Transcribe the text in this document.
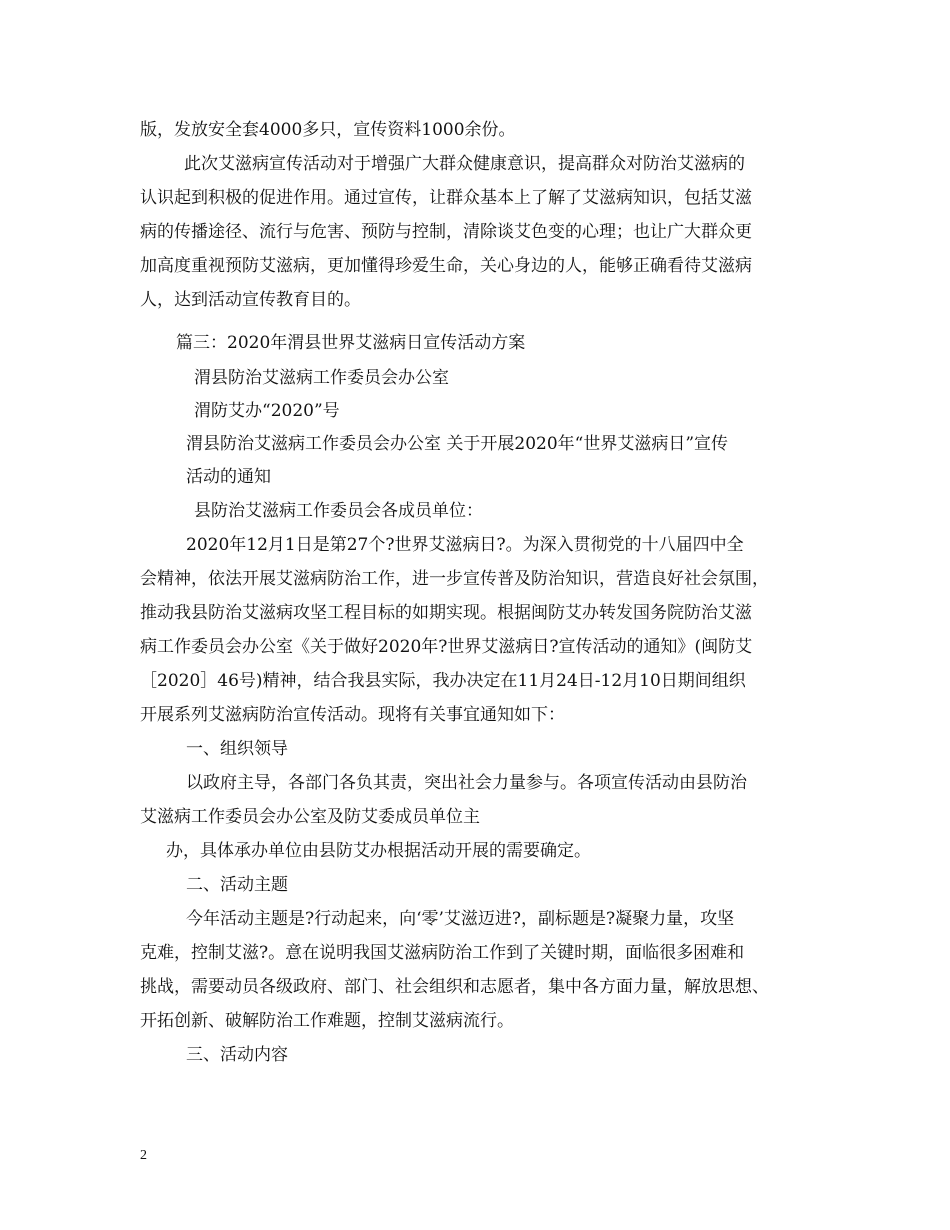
版，发放安全套4000多只，宣传资料1000余份。
此次艾滋病宣传活动对于增强广大群众健康意识，提高群众对防治艾滋病的
认识起到积极的促进作用。通过宣传，让群众基本上了解了艾滋病知识，包括艾滋
病的传播途径、流行与危害、预防与控制，清除谈艾色变的心理；也让广大群众更
加高度重视预防艾滋病，更加懂得珍爱生命，关心身边的人，能够正确看待艾滋病
人，达到活动宣传教育目的。
篇三：2020年渭县世界艾滋病日宣传活动方案
渭县防治艾滋病工作委员会办公室
渭防艾办“2020”号
渭县防治艾滋病工作委员会办公室 关于开展2020年“世界艾滋病日”宣传
活动的通知
县防治艾滋病工作委员会各成员单位：
2020年12月1日是第27个?世界艾滋病日?。为深入贯彻党的十八届四中全
会精神，依法开展艾滋病防治工作，进一步宣传普及防治知识，营造良好社会氛围，
推动我县防治艾滋病攻坚工程目标的如期实现。根据闽防艾办转发国务院防治艾滋
病工作委员会办公室《关于做好2020年?世界艾滋病日?宣传活动的通知》(闽防艾
［2020］46号)精神，结合我县实际，我办决定在11月24日-12月10日期间组织
开展系列艾滋病防治宣传活动。现将有关事宜通知如下：
一、组织领导
以政府主导，各部门各负其责，突出社会力量参与。各项宣传活动由县防治
艾滋病工作委员会办公室及防艾委成员单位主
办，具体承办单位由县防艾办根据活动开展的需要确定。
二、活动主题
今年活动主题是?行动起来，向‘零’艾滋迈进?，副标题是?凝聚力量，攻坚
克难，控制艾滋?。意在说明我国艾滋病防治工作到了关键时期，面临很多困难和
挑战，需要动员各级政府、部门、社会组织和志愿者，集中各方面力量，解放思想、
开拓创新、破解防治工作难题，控制艾滋病流行。
三、活动内容
2
